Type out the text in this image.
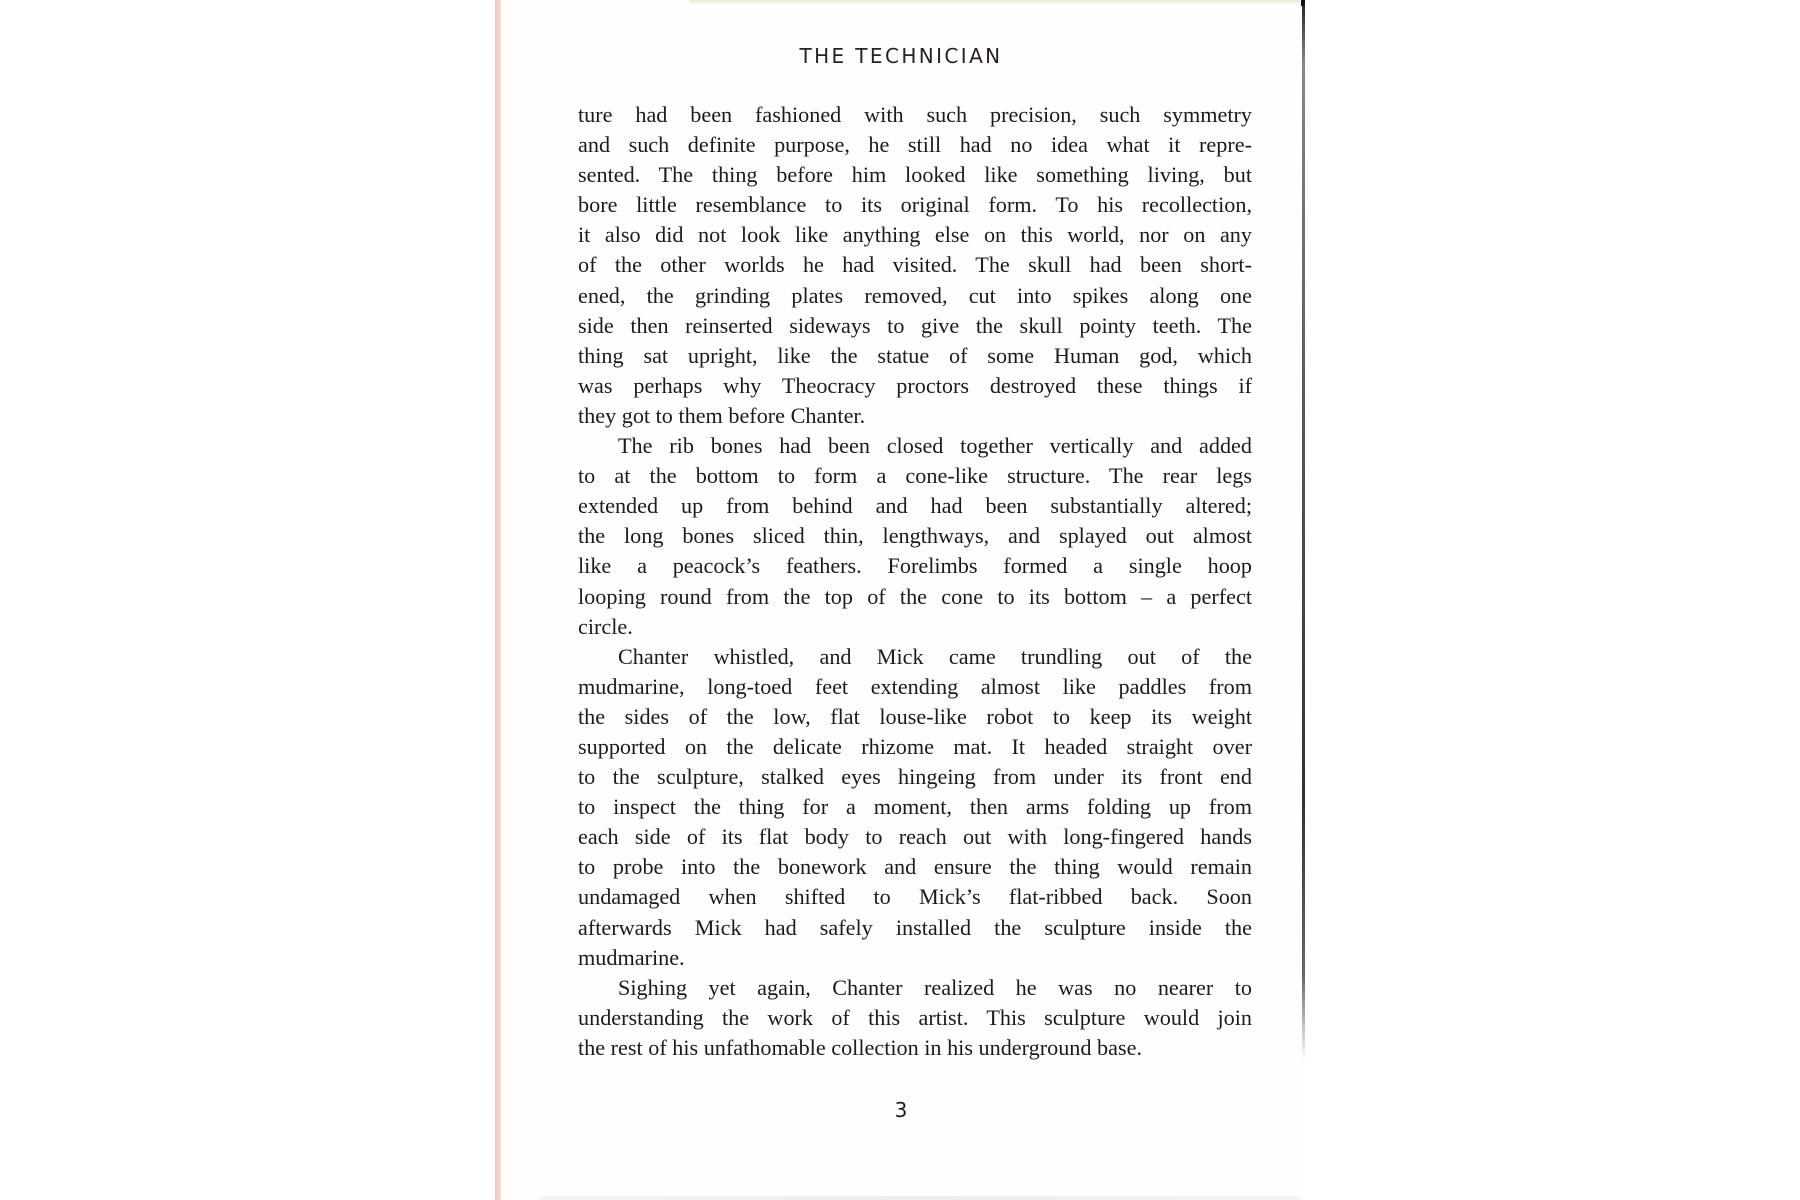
THE TECHNICIAN
ture had been fashioned with such precision, such symmetry
and such definite purpose, he still had no idea what it repre-
sented. The thing before him looked like something living, but
bore little resemblance to its original form. To his recollection,
it also did not look like anything else on this world, nor on any
of the other worlds he had visited. The skull had been short-
ened, the grinding plates removed, cut into spikes along one
side then reinserted sideways to give the skull pointy teeth. The
thing sat upright, like the statue of some Human god, which
was perhaps why Theocracy proctors destroyed these things if
they got to them before Chanter.
The rib bones had been closed together vertically and added
to at the bottom to form a cone-like structure. The rear legs
extended up from behind and had been substantially altered;
the long bones sliced thin, lengthways, and splayed out almost
like a peacock’s feathers. Forelimbs formed a single hoop
looping round from the top of the cone to its bottom – a perfect
circle.
Chanter whistled, and Mick came trundling out of the
mudmarine, long-toed feet extending almost like paddles from
the sides of the low, flat louse-like robot to keep its weight
supported on the delicate rhizome mat. It headed straight over
to the sculpture, stalked eyes hingeing from under its front end
to inspect the thing for a moment, then arms folding up from
each side of its flat body to reach out with long-fingered hands
to probe into the bonework and ensure the thing would remain
undamaged when shifted to Mick’s flat-ribbed back. Soon
afterwards Mick had safely installed the sculpture inside the
mudmarine.
Sighing yet again, Chanter realized he was no nearer to
understanding the work of this artist. This sculpture would join
the rest of his unfathomable collection in his underground base.
3
